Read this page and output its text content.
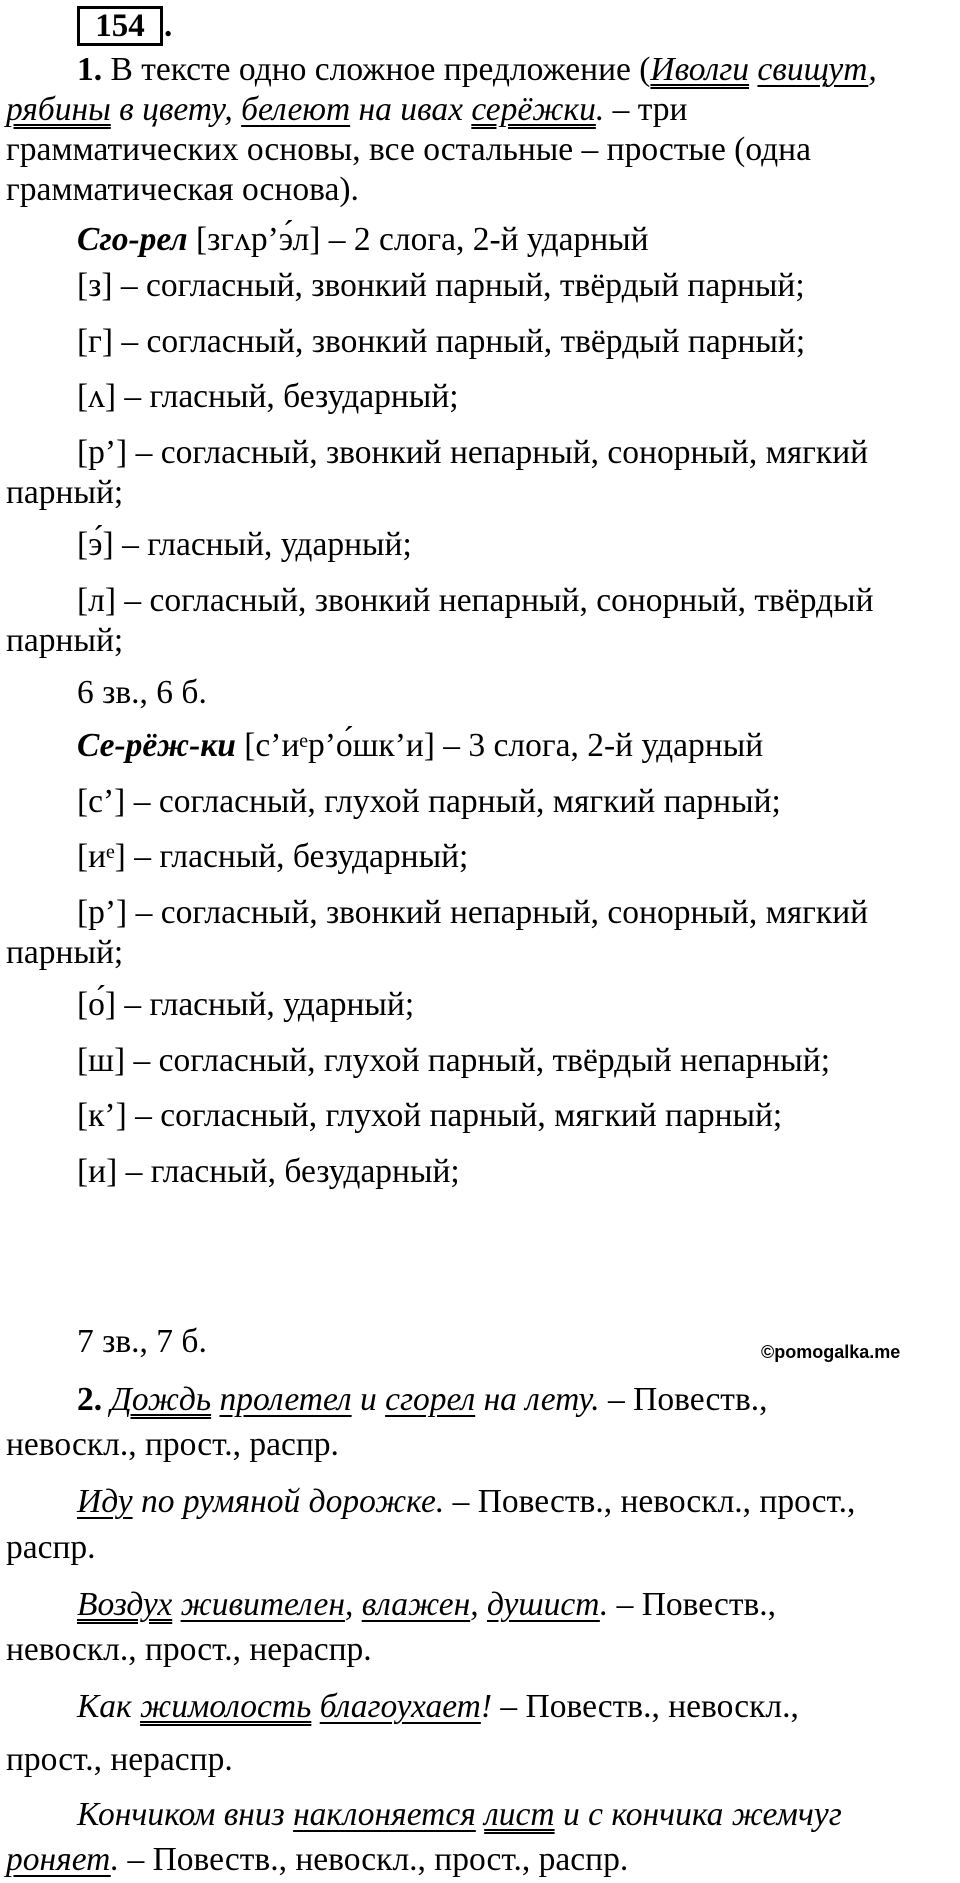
154 .
1. В тексте одно сложное предложение (Иволги свищут,
рябины в цвету, белеют на ивах серёжки. – три
грамматических основы, все остальные – простые (одна
грамматическая основа).
Сго-рел [згʌр’э́л] – 2 слога, 2-й ударный
[з] – согласный, звонкий парный, твёрдый парный;
[г] – согласный, звонкий парный, твёрдый парный;
[ʌ] – гласный, безударный;
[р’] – согласный, звонкий непарный, сонорный, мягкий
парный;
[э́] – гласный, ударный;
[л] – согласный, звонкий непарный, сонорный, твёрдый
парный;
6 зв., 6 б.
Се-рёж-ки [с’иᵉр’о́шк’и] – 3 слога, 2-й ударный
[с’] – согласный, глухой парный, мягкий парный;
[иᵉ] – гласный, безударный;
[р’] – согласный, звонкий непарный, сонорный, мягкий
парный;
[о́] – гласный, ударный;
[ш] – согласный, глухой парный, твёрдый непарный;
[к’] – согласный, глухой парный, мягкий парный;
[и] – гласный, безударный;
7 зв., 7 б.	©pomogalka.me
2. Дождь пролетел и сгорел на лету. – Повеств.,
невоскл., прост., распр.
Иду по румяной дорожке. – Повеств., невоскл., прост.,
распр.
Воздух живителен, влажен, душист. – Повеств.,
невоскл., прост., нераспр.
Как жимолость благоухает! – Повеств., невоскл.,
прост., нераспр.
Кончиком вниз наклоняется лист и с кончика жемчуг
роняет. – Повеств., невоскл., прост., распр.
